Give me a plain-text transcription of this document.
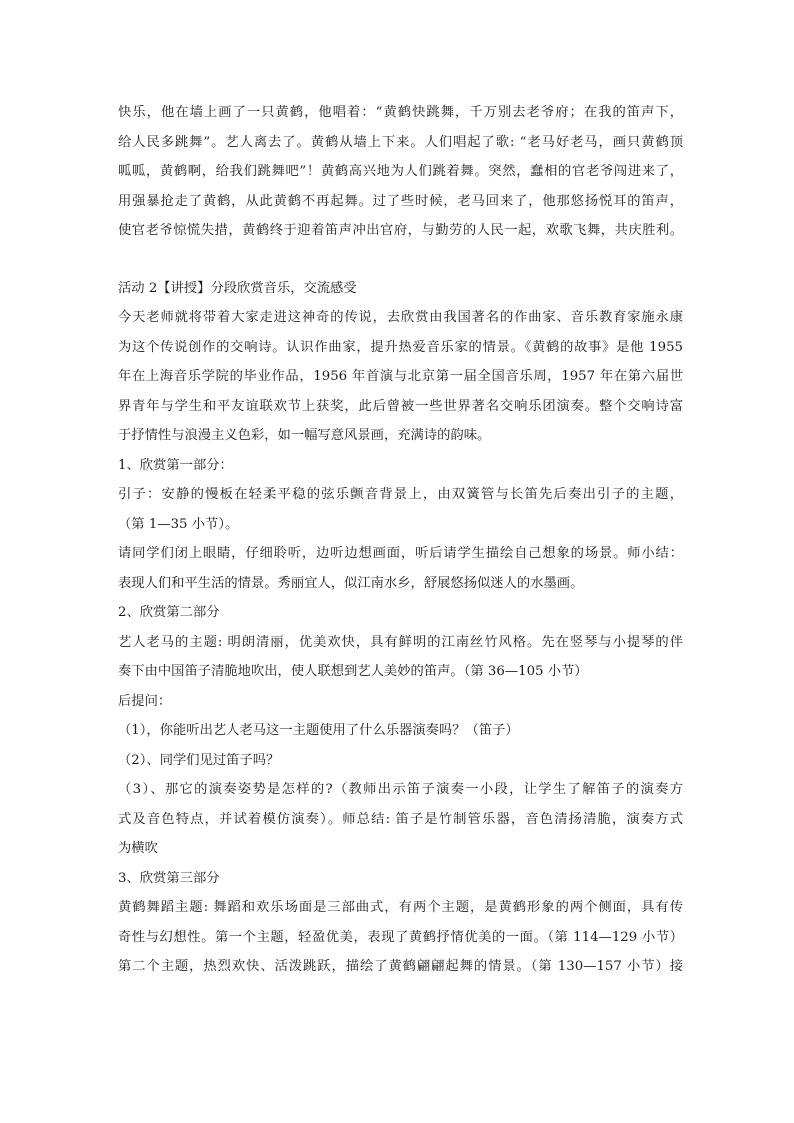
快乐，他在墙上画了一只黄鹤，他唱着：“黄鹤快跳舞，千万别去老爷府；在我的笛声下，
给人民多跳舞”。艺人离去了。黄鹤从墙上下来。人们唱起了歌: “老马好老马，画只黄鹤顶
呱呱，黄鹤啊，给我们跳舞吧”！黄鹤高兴地为人们跳着舞。突然，蠢相的官老爷闯进来了，
用强暴抢走了黄鹤，从此黄鹤不再起舞。过了些时候，老马回来了，他那悠扬悦耳的笛声，
使官老爷惊慌失措，黄鹤终于迎着笛声冲出官府，与勤劳的人民一起，欢歌飞舞，共庆胜利。
活动 2【讲授】分段欣赏音乐，交流感受
今天老师就将带着大家走进这神奇的传说，去欣赏由我国著名的作曲家、音乐教育家施永康
为这个传说创作的交响诗。认识作曲家，提升热爱音乐家的情景。《黄鹤的故事》是他 1955
年在上海音乐学院的毕业作品，1956 年首演与北京第一届全国音乐周，1957 年在第六届世
界青年与学生和平友谊联欢节上获奖，此后曾被一些世界著名交响乐团演奏。整个交响诗富
于抒情性与浪漫主义色彩，如一幅写意风景画，充满诗的韵味。
1、欣赏第一部分：
引子：安静的慢板在轻柔平稳的弦乐颤音背景上，由双簧管与长笛先后奏出引子的主题，
（第 1—35 小节）。
请同学们闭上眼睛，仔细聆听，边听边想画面，听后请学生描绘自己想象的场景。师小结：
表现人们和平生活的情景。秀丽宜人，似江南水乡，舒展悠扬似迷人的水墨画。
2、欣赏第二部分
艺人老马的主题: 明朗清丽，优美欢快，具有鲜明的江南丝竹风格。先在竖琴与小提琴的伴
奏下由中国笛子清脆地吹出，使人联想到艺人美妙的笛声。（第 36—105 小节）
后提问：
（1），你能听出艺人老马这一主题使用了什么乐器演奏吗？（笛子）
（2）、同学们见过笛子吗？
（3）、那它的演奏姿势是怎样的?（教师出示笛子演奏一小段，让学生了解笛子的演奏方
式及音色特点，并试着模仿演奏）。师总结: 笛子是竹制管乐器，音色清扬清脆，演奏方式
为横吹
3、欣赏第三部分
黄鹤舞蹈主题: 舞蹈和欢乐场面是三部曲式，有两个主题，是黄鹤形象的两个侧面，具有传
奇性与幻想性。第一个主题，轻盈优美，表现了黄鹤抒情优美的一面。（第 114—129 小节）
第二个主题，热烈欢快、活泼跳跃，描绘了黄鹤翩翩起舞的情景。（第 130—157 小节）接
